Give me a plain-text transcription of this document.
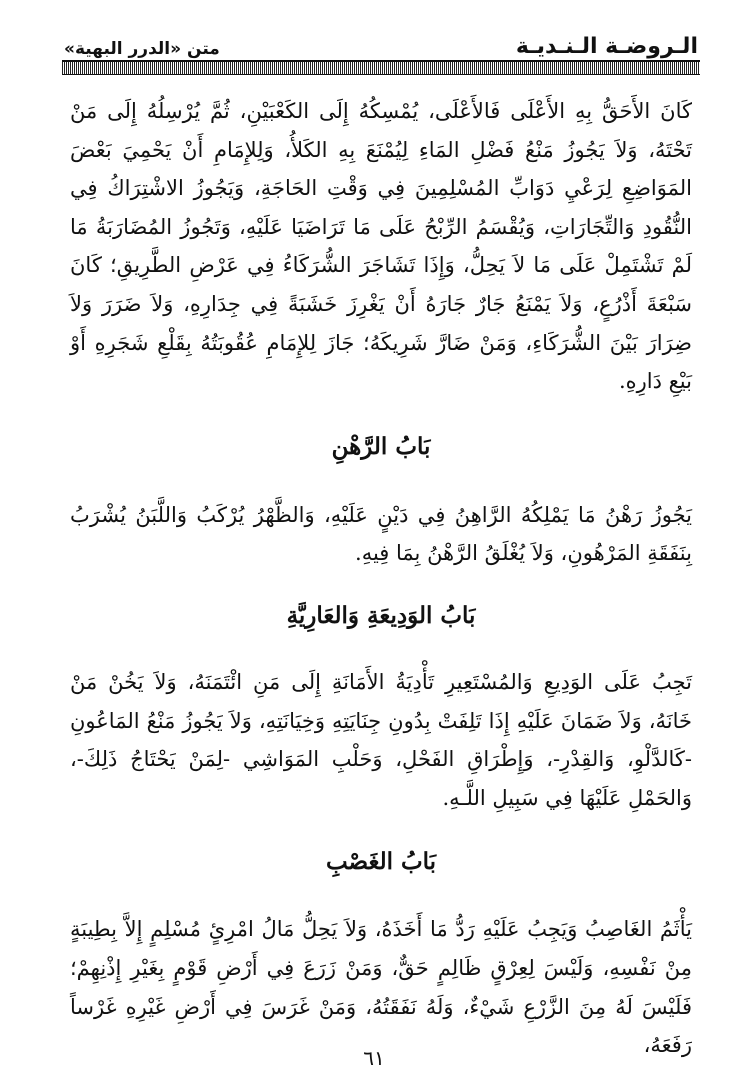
الـروضـة الـنـديـة
متن «الدرر البهية»

كَانَ الأَحَقُّ بِهِ الأَعْلَى فَالأَعْلَى، يُمْسِكُهُ إِلَى الكَعْبَيْنِ، ثُمَّ يُرْسِلُهُ إِلَى مَنْ تَحْتَهُ، وَلاَ يَجُوزُ مَنْعُ فَضْلِ المَاءِ لِيُمْنَعَ بِهِ الكَلأُ، وَلِلإِمَامِ أَنْ يَحْمِيَ بَعْضَ المَوَاضِعِ لِرَعْيِ دَوَابِّ المُسْلِمِينَ فِي وَقْتِ الحَاجَةِ، وَيَجُوزُ الاشْتِرَاكُ فِي النُّقُودِ وَالتِّجَارَاتِ، وَيُقْسَمُ الرِّبْحُ عَلَى مَا تَرَاضَيَا عَلَيْهِ، وَتَجُوزُ المُضَارَبَةُ مَا لَمْ تَشْتَمِلْ عَلَى مَا لاَ يَحِلُّ، وَإِذَا تَشَاجَرَ الشُّرَكَاءُ فِي عَرْضِ الطَّرِيقِ؛ كَانَ سَبْعَةَ أَذْرُعٍ، وَلاَ يَمْنَعُ جَارٌ جَارَهُ أَنْ يَغْرِزَ خَشَبَةً فِي جِدَارِهِ، وَلاَ ضَرَرَ وَلاَ ضِرَارَ بَيْنَ الشُّرَكَاءِ، وَمَنْ ضَارَّ شَرِيكَهُ؛ جَازَ لِلإِمَامِ عُقُوبَتُهُ بِقَلْعِ شَجَرِهِ أَوْ بَيْعِ دَارِهِ.

بَابُ الرَّهْنِ

يَجُوزُ رَهْنُ مَا يَمْلِكُهُ الرَّاهِنُ فِي دَيْنٍ عَلَيْهِ، وَالظَّهْرُ يُرْكَبُ وَاللَّبَنُ يُشْرَبُ بِنَفَقَةِ المَرْهُونِ، وَلاَ يُغْلَقُ الرَّهْنُ بِمَا فِيهِ.

بَابُ الوَدِيعَةِ وَالعَارِيَّةِ

تَجِبُ عَلَى الوَدِيعِ وَالمُسْتَعِيرِ تَأْدِيَةُ الأَمَانَةِ إِلَى مَنِ ائْتَمَنَهُ، وَلاَ يَخُنْ مَنْ خَانَهُ، وَلاَ ضَمَانَ عَلَيْهِ إِذَا تَلِفَتْ بِدُونِ جِنَايَتِهِ وَخِيَانَتِهِ، وَلاَ يَجُوزُ مَنْعُ المَاعُونِ -كَالدَّلْوِ، وَالقِدْرِ-، وَإِطْرَاقِ الفَحْلِ، وَحَلْبِ المَوَاشِي -لِمَنْ يَحْتَاجُ ذَلِكَ-، وَالحَمْلِ عَلَيْهَا فِي سَبِيلِ اللَّـهِ.

بَابُ الغَصْبِ

يَأْثَمُ الغَاصِبُ وَيَجِبُ عَلَيْهِ رَدُّ مَا أَخَذَهُ، وَلاَ يَحِلُّ مَالُ امْرِئٍ مُسْلِمٍ إِلاَّ بِطِيبَةٍ مِنْ نَفْسِهِ، وَلَيْسَ لِعِرْقٍ ظَالِمٍ حَقٌّ، وَمَنْ زَرَعَ فِي أَرْضِ قَوْمٍ بِغَيْرِ إِذْنِهِمْ؛ فَلَيْسَ لَهُ مِنَ الزَّرْعِ شَيْءٌ، وَلَهُ نَفَقَتُهُ، وَمَنْ غَرَسَ فِي أَرْضِ غَيْرِهِ غَرْساً رَفَعَهُ،

٦١
